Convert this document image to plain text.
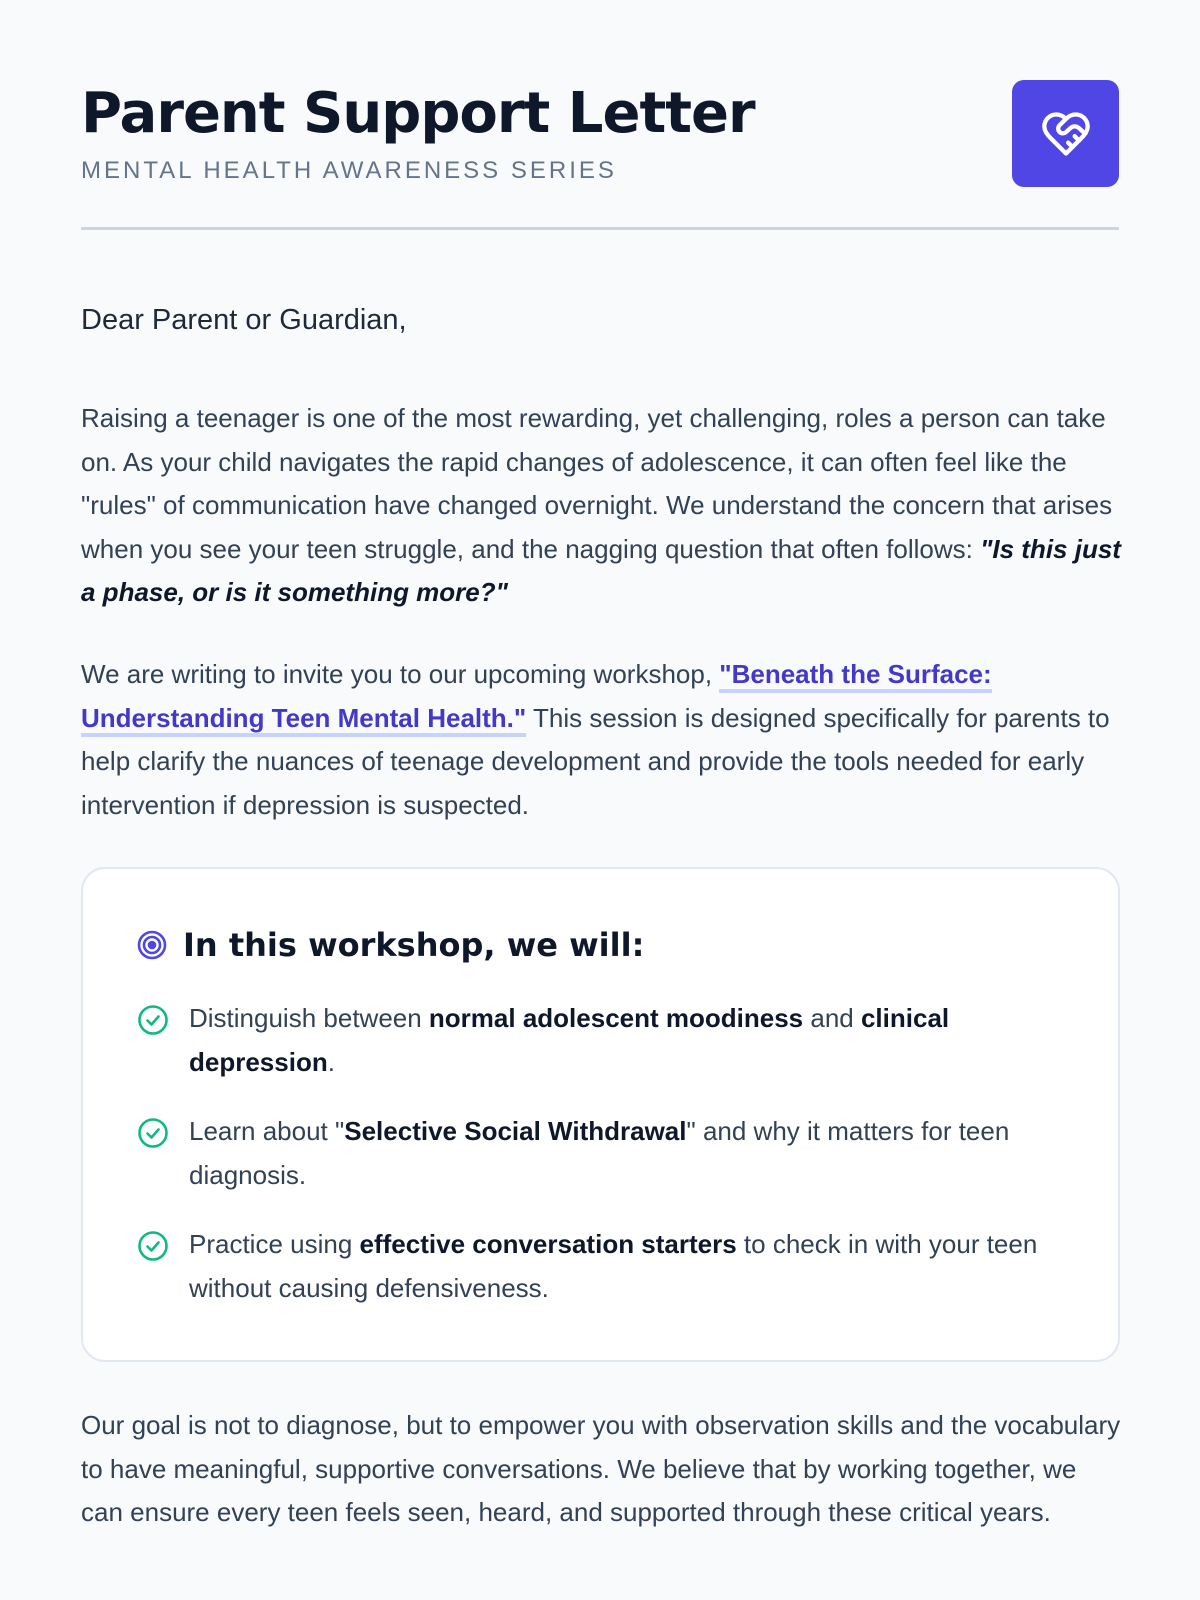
Parent Support Letter
MENTAL HEALTH AWARENESS SERIES

Dear Parent or Guardian,

Raising a teenager is one of the most rewarding, yet challenging, roles a person can take on. As your child navigates the rapid changes of adolescence, it can often feel like the "rules" of communication have changed overnight. We understand the concern that arises when you see your teen struggle, and the nagging question that often follows: "Is this just a phase, or is it something more?"

We are writing to invite you to our upcoming workshop, "Beneath the Surface: Understanding Teen Mental Health." This session is designed specifically for parents to help clarify the nuances of teenage development and provide the tools needed for early intervention if depression is suspected.

In this workshop, we will:
Distinguish between normal adolescent moodiness and clinical depression.
Learn about "Selective Social Withdrawal" and why it matters for teen diagnosis.
Practice using effective conversation starters to check in with your teen without causing defensiveness.

Our goal is not to diagnose, but to empower you with observation skills and the vocabulary to have meaningful, supportive conversations. We believe that by working together, we can ensure every teen feels seen, heard, and supported through these critical years.
